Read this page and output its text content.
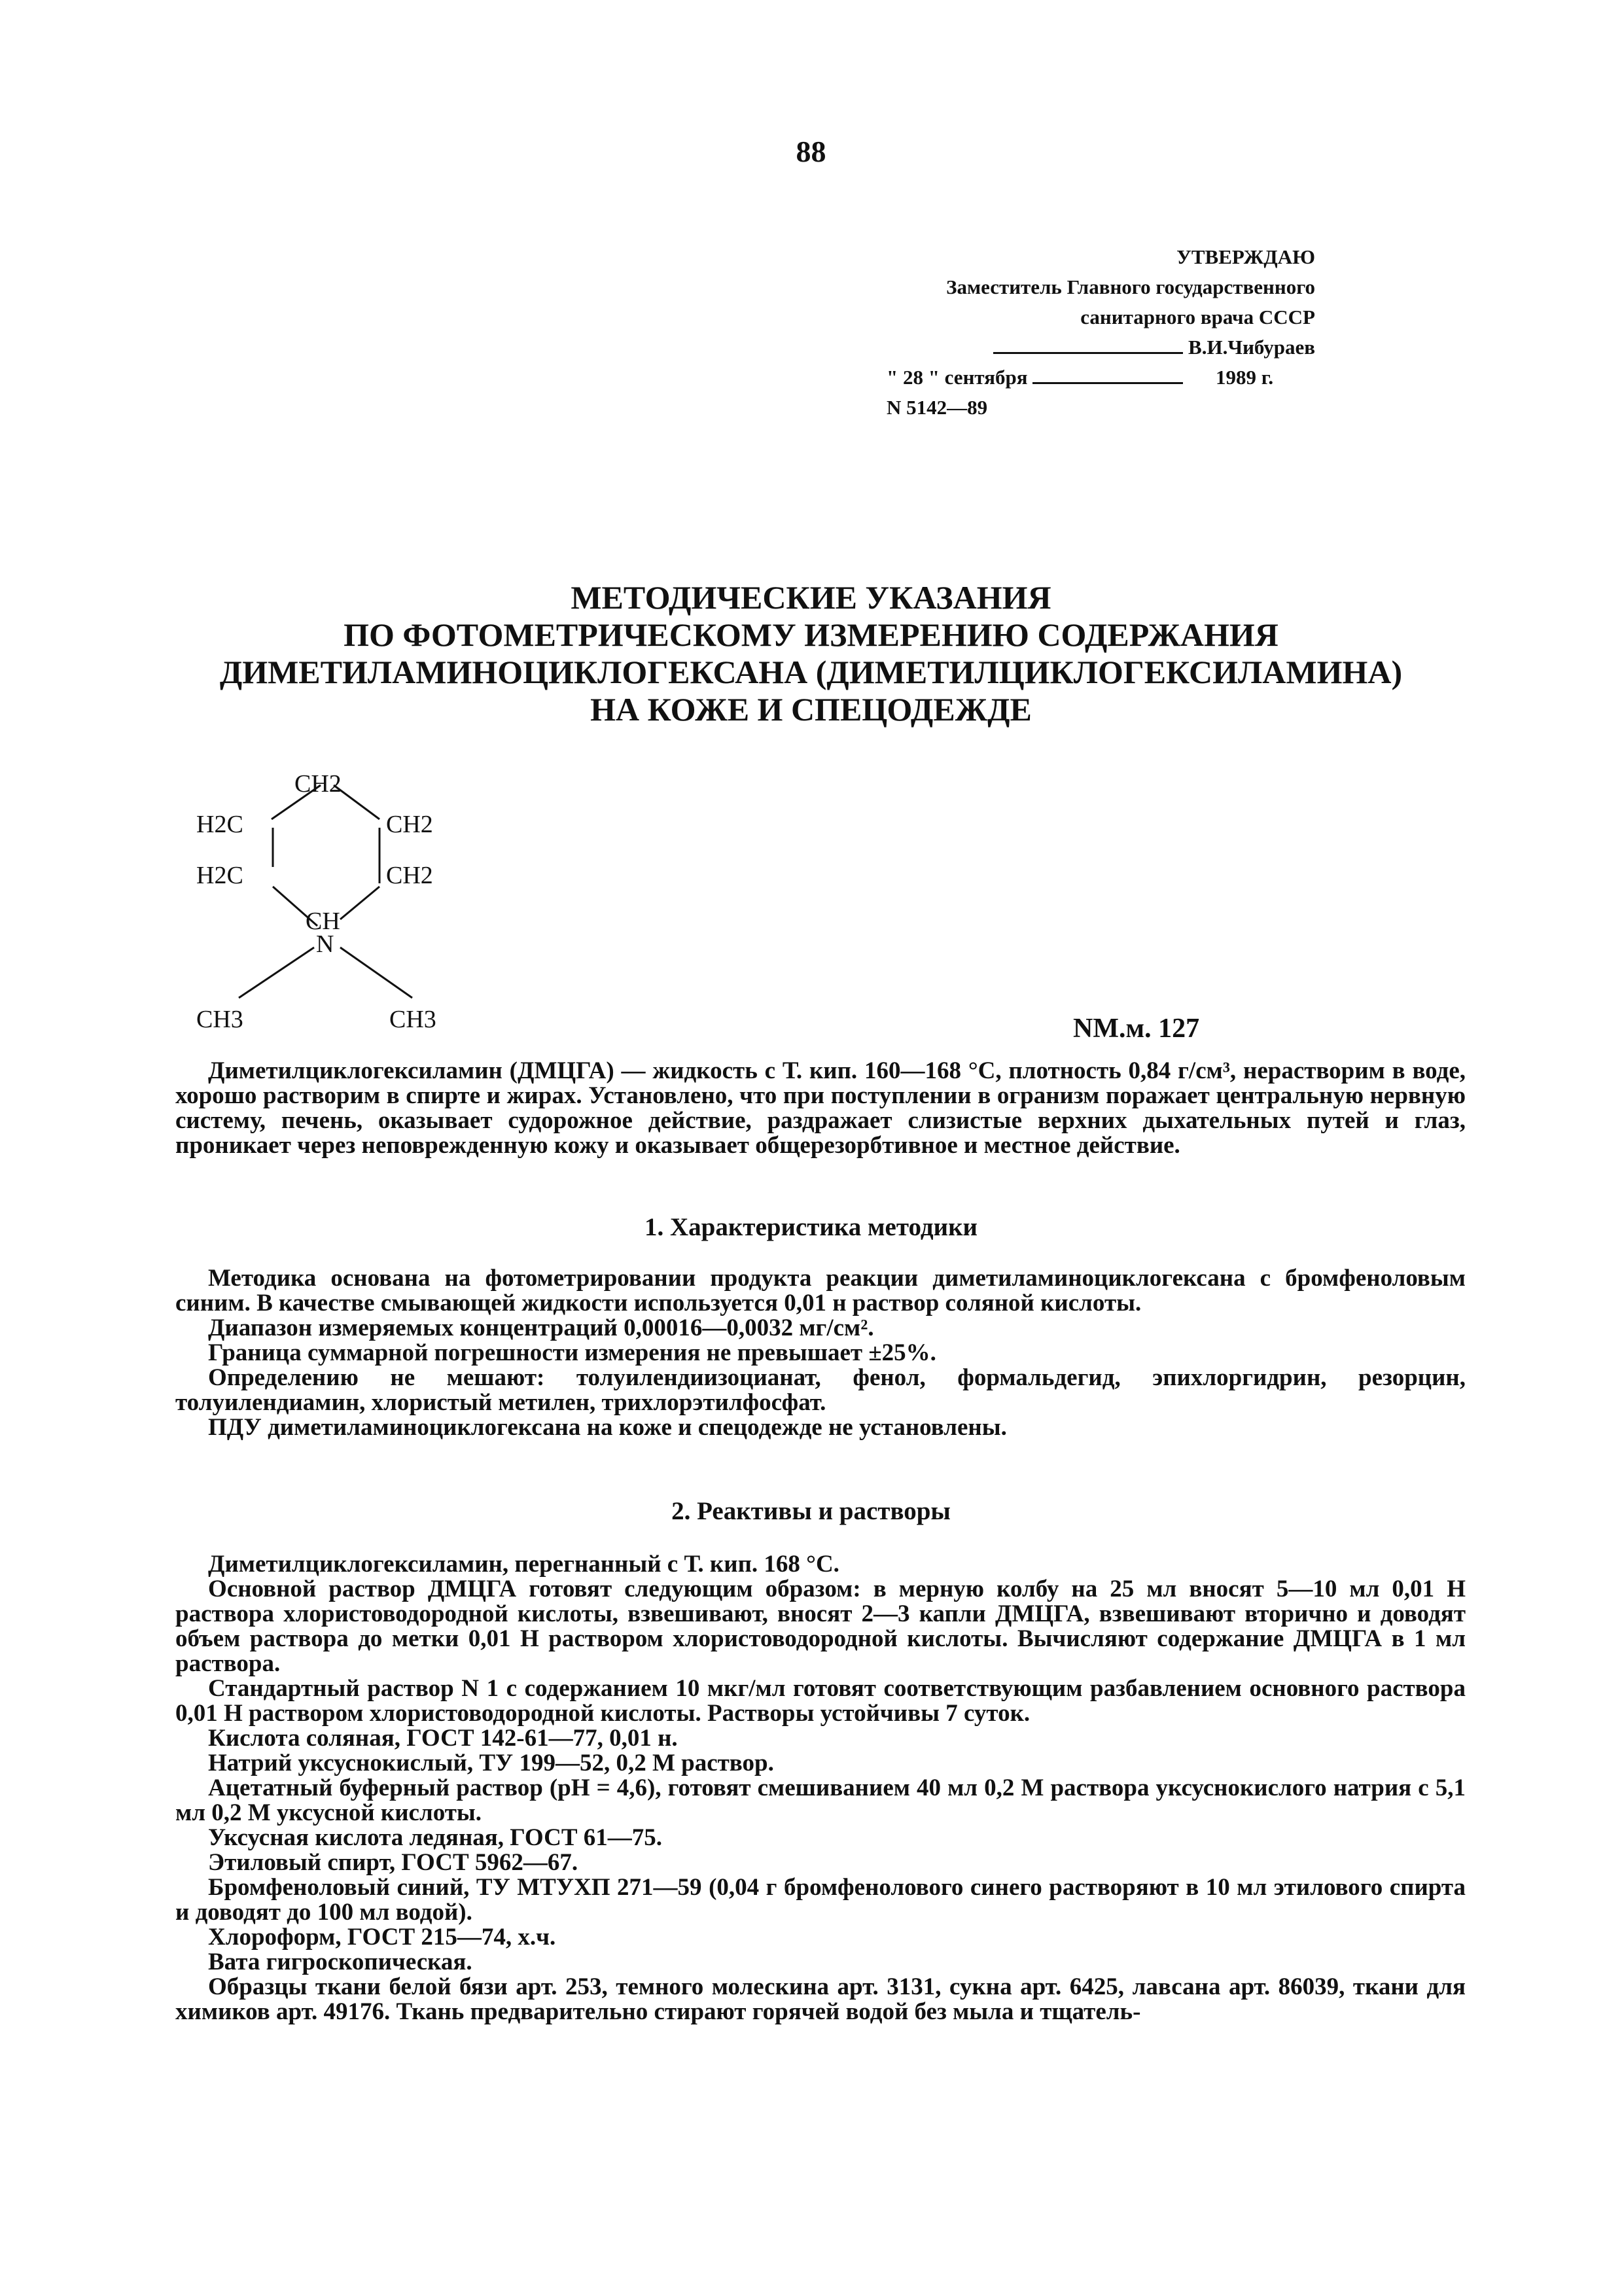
88
УТВЕРЖДАЮ
Заместитель Главного государственного
санитарного врача СССР
В.И.Чибураев
" 28 " сентября	1989 г.
N 5142—89
МЕТОДИЧЕСКИЕ УКАЗАНИЯ
ПО ФОТОМЕТРИЧЕСКОМУ ИЗМЕРЕНИЮ СОДЕРЖАНИЯ
ДИМЕТИЛАМИНОЦИКЛОГЕКСАНА (ДИМЕТИЛЦИКЛОГЕКСИЛАМИНА)
НА КОЖЕ И СПЕЦОДЕЖДЕ
CH2
H2C	CH2
H2C	CH2
CH
N
CH3	CH3	NM.м. 127

Диметилциклогексиламин (ДМЦГА) — жидкость с Т. кип. 160—168 °С, плотность 0,84 г/см³, нерастворим в воде, хорошо растворим в спирте и жирах. Установлено, что при поступлении в огранизм поражает центральную нервную систему, печень, оказывает судорожное действие, раздражает слизистые верхних дыхательных путей и глаз, проникает через неповрежденную кожу и оказывает общерезорбтивное и местное действие.

1. Характеристика методики

Методика основана на фотометрировании продукта реакции диметиламиноциклогексана с бромфеноловым синим. В качестве смывающей жидкости используется 0,01 н раствор соляной кислоты.

Диапазон измеряемых концентраций 0,00016—0,0032 мг/см².

Граница суммарной погрешности измерения не превышает ±25%.

Определению не мешают: толуилендиизоцианат, фенол, формальдегид, эпихлоргидрин, резорцин, толуилендиамин, хлористый метилен, трихлорэтилфосфат.

ПДУ диметиламиноциклогексана на коже и спецодежде не установлены.

2. Реактивы и растворы

Диметилциклогексиламин, перегнанный с Т. кип. 168 °С.

Основной раствор ДМЦГА готовят следующим образом: в мерную колбу на 25 мл вносят 5—10 мл 0,01 Н раствора хлористоводородной кислоты, взвешивают, вносят 2—3 капли ДМЦГА, взвешивают вторично и доводят объем раствора до метки 0,01 Н раствором хлористоводородной кислоты. Вычисляют содержание ДМЦГА в 1 мл раствора.

Стандартный раствор N 1 с содержанием 10 мкг/мл готовят соответствующим разбавлением основного раствора 0,01 Н раствором хлористоводородной кислоты. Растворы устойчивы 7 суток.

Кислота соляная, ГОСТ 142-61—77, 0,01 н.

Натрий уксуснокислый, ТУ 199—52, 0,2 М раствор.

Ацетатный буферный раствор (рН = 4,6), готовят смешиванием 40 мл 0,2 М раствора уксуснокислого натрия с 5,1 мл 0,2 М уксусной кислоты.

Уксусная кислота ледяная, ГОСТ 61—75.

Этиловый спирт, ГОСТ 5962—67.

Бромфеноловый синий, ТУ МТУХП 271—59 (0,04 г бромфенолового синего растворяют в 10 мл этилового спирта и доводят до 100 мл водой).

Хлороформ, ГОСТ 215—74, х.ч.

Вата гигроскопическая.

Образцы ткани белой бязи арт. 253, темного молескина арт. 3131, сукна арт. 6425, лавсана арт. 86039, ткани для химиков арт. 49176. Ткань предварительно стирают горячей водой без мыла и тщатель-
